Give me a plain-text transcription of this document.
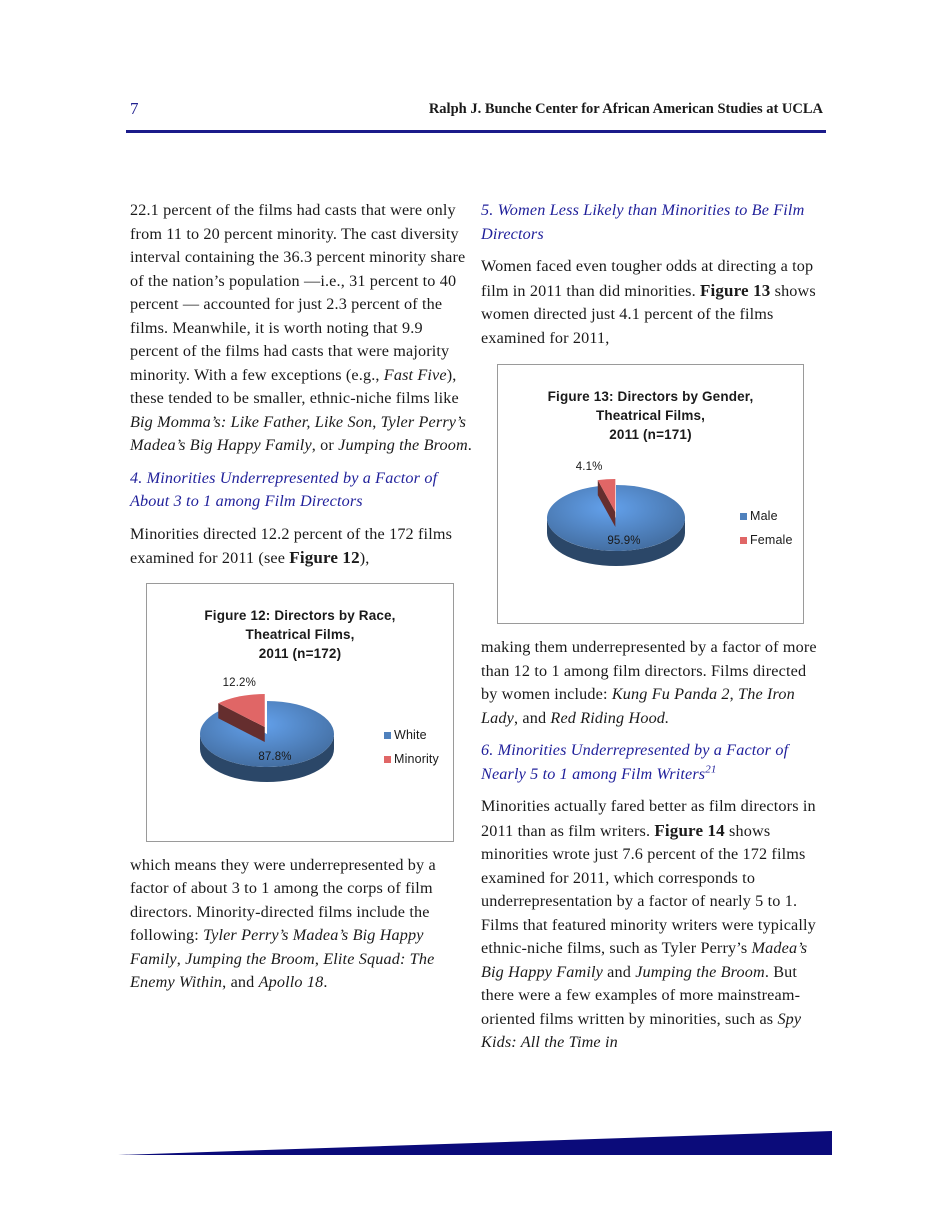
7	Ralph J. Bunche Center for African American Studies at UCLA

22.1 percent of the films had casts that were only from 11 to 20 percent minority. The cast diversity interval containing the 36.3 percent minority share of the nation’s population —i.e., 31 percent to 40 percent — accounted for just 2.3 percent of the films. Meanwhile, it is worth noting that 9.9 percent of the films had casts that were majority minority. With a few exceptions (e.g., Fast Five), these tended to be smaller, ethnic-niche films like Big Momma’s: Like Father, Like Son, Tyler Perry’s Madea’s Big Happy Family, or Jumping the Broom.

4. Minorities Underrepresented by a Factor of About 3 to 1 among Film Directors

Minorities directed 12.2 percent of the 172 films examined for 2011 (see Figure 12),

Figure 12: Directors by Race,
Theatrical Films,
2011 (n=172)
87.8%
12.2%
White
Minority

which means they were underrepresented by a factor of about 3 to 1 among the corps of film directors. Minority-directed films include the following: Tyler Perry’s Madea’s Big Happy Family, Jumping the Broom, Elite Squad: The Enemy Within, and Apollo 18.

5. Women Less Likely than Minorities to Be Film Directors

Women faced even tougher odds at directing a top film in 2011 than did minorities. Figure 13 shows women directed just 4.1 percent of the films examined for 2011,

Figure 13: Directors by Gender,
Theatrical Films,
2011 (n=171)
95.9%
4.1%
Male
Female

making them underrepresented by a factor of more than 12 to 1 among film directors. Films directed by women include: Kung Fu Panda 2, The Iron Lady, and Red Riding Hood.

6. Minorities Underrepresented by a Factor of Nearly 5 to 1 among Film Writers$^{21}$

Minorities actually fared better as film directors in 2011 than as film writers. Figure 14 shows minorities wrote just 7.6 percent of the 172 films examined for 2011, which corresponds to underrepresentation by a factor of nearly 5 to 1. Films that featured minority writers were typically ethnic-niche films, such as Tyler Perry’s Madea’s Big Happy Family and Jumping the Broom. But there were a few examples of more mainstream-oriented films written by minorities, such as Spy Kids: All the Time in
